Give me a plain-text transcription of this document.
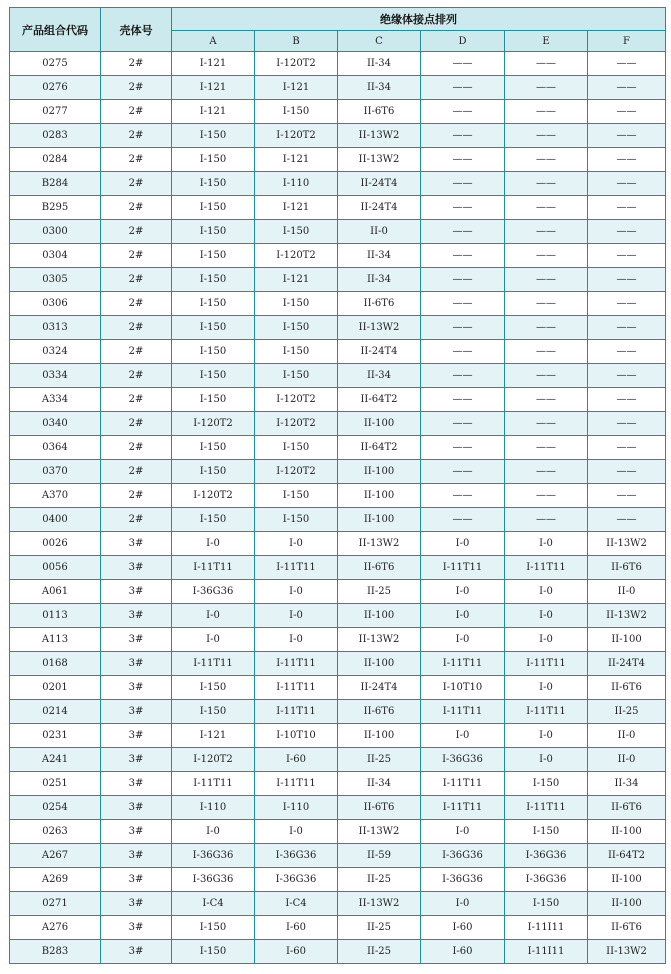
产品组合代码	壳体号	绝缘体接点排列					
		A	B	C	D	E	F
0275	2#	I-121	I-120T2	II-34	——	——	——
0276	2#	I-121	I-121	II-34	——	——	——
0277	2#	I-121	I-150	II-6T6	——	——	——
0283	2#	I-150	I-120T2	II-13W2	——	——	——
0284	2#	I-150	I-121	II-13W2	——	——	——
B284	2#	I-150	I-110	II-24T4	——	——	——
B295	2#	I-150	I-121	II-24T4	——	——	——
0300	2#	I-150	I-150	II-0	——	——	——
0304	2#	I-150	I-120T2	II-34	——	——	——
0305	2#	I-150	I-121	II-34	——	——	——
0306	2#	I-150	I-150	II-6T6	——	——	——
0313	2#	I-150	I-150	II-13W2	——	——	——
0324	2#	I-150	I-150	II-24T4	——	——	——
0334	2#	I-150	I-150	II-34	——	——	——
A334	2#	I-150	I-120T2	II-64T2	——	——	——
0340	2#	I-120T2	I-120T2	II-100	——	——	——
0364	2#	I-150	I-150	II-64T2	——	——	——
0370	2#	I-150	I-120T2	II-100	——	——	——
A370	2#	I-120T2	I-150	II-100	——	——	——
0400	2#	I-150	I-150	II-100	——	——	——
0026	3#	I-0	I-0	II-13W2	I-0	I-0	II-13W2
0056	3#	I-11T11	I-11T11	II-6T6	I-11T11	I-11T11	II-6T6
A061	3#	I-36G36	I-0	II-25	I-0	I-0	II-0
0113	3#	I-0	I-0	II-100	I-0	I-0	II-13W2
A113	3#	I-0	I-0	II-13W2	I-0	I-0	II-100
0168	3#	I-11T11	I-11T11	II-100	I-11T11	I-11T11	II-24T4
0201	3#	I-150	I-11T11	II-24T4	I-10T10	I-0	II-6T6
0214	3#	I-150	I-11T11	II-6T6	I-11T11	I-11T11	II-25
0231	3#	I-121	I-10T10	II-100	I-0	I-0	II-0
A241	3#	I-120T2	I-60	II-25	I-36G36	I-0	II-0
0251	3#	I-11T11	I-11T11	II-34	I-11T11	I-150	II-34
0254	3#	I-110	I-110	II-6T6	I-11T11	I-11T11	II-6T6
0263	3#	I-0	I-0	II-13W2	I-0	I-150	II-100
A267	3#	I-36G36	I-36G36	II-59	I-36G36	I-36G36	II-64T2
A269	3#	I-36G36	I-36G36	II-25	I-36G36	I-36G36	II-100
0271	3#	I-C4	I-C4	II-13W2	I-0	I-150	II-100
A276	3#	I-150	I-60	II-25	I-60	I-11I11	II-6T6
B283	3#	I-150	I-60	II-25	I-60	I-11I11	II-13W2
